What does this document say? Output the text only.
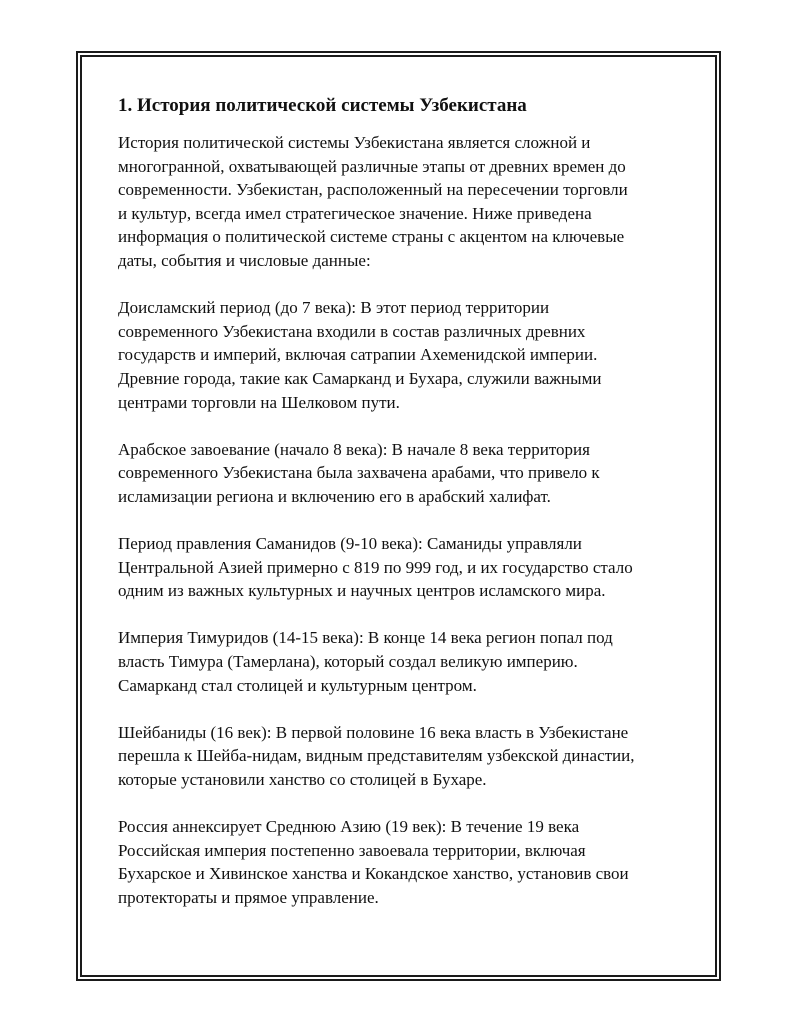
1. История политической системы Узбекистана

История политической системы Узбекистана является сложной и
многогранной, охватывающей различные этапы от древних времен до
современности. Узбекистан, расположенный на пересечении торговли
и культур, всегда имел стратегическое значение. Ниже приведена
информация о политической системе страны с акцентом на ключевые
даты, события и числовые данные:

Доисламский период (до 7 века): В этот период территории
современного Узбекистана входили в состав различных древних
государств и империй, включая сатрапии Ахеменидской империи.
Древние города, такие как Самарканд и Бухара, служили важными
центрами торговли на Шелковом пути.

Арабское завоевание (начало 8 века): В начале 8 века территория
современного Узбекистана была захвачена арабами, что привело к
исламизации региона и включению его в арабский халифат.

Период правления Саманидов (9-10 века): Саманиды управляли
Центральной Азией примерно с 819 по 999 год, и их государство стало
одним из важных культурных и научных центров исламского мира.

Империя Тимуридов (14-15 века): В конце 14 века регион попал под
власть Тимура (Тамерлана), который создал великую империю.
Самарканд стал столицей и культурным центром.

Шейбаниды (16 век): В первой половине 16 века власть в Узбекистане
перешла к Шейба-нидам, видным представителям узбекской династии,
которые установили ханство со столицей в Бухаре.

Россия аннексирует Среднюю Азию (19 век): В течение 19 века
Российская империя постепенно завоевала территории, включая
Бухарское и Хивинское ханства и Кокандское ханство, установив свои
протектораты и прямое управление.
